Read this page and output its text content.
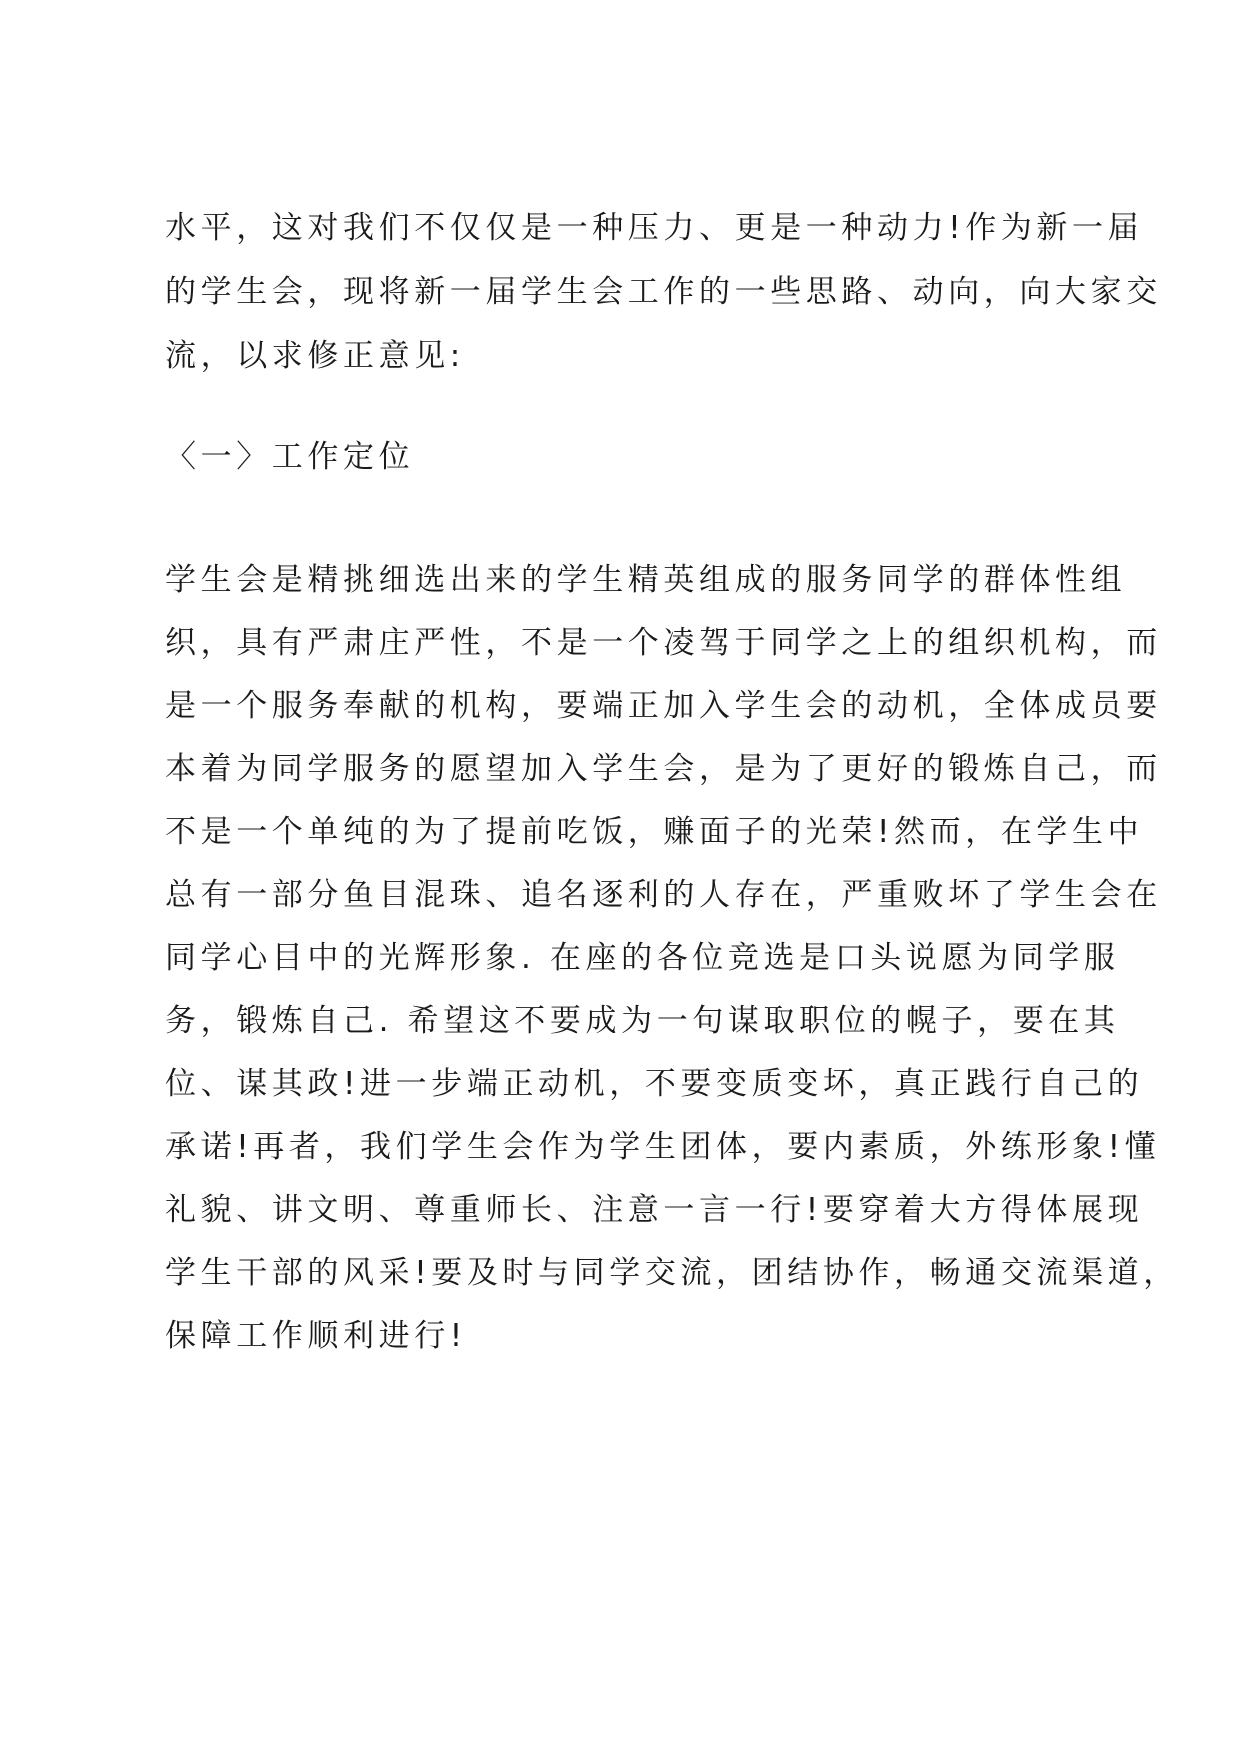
水平，这对我们不仅仅是一种压力、更是一种动力!作为新一届
的学生会，现将新一届学生会工作的一些思路、动向，向大家交
流，以求修正意见:
〈一〉工作定位
学生会是精挑细选出来的学生精英组成的服务同学的群体性组
织，具有严肃庄严性，不是一个凌驾于同学之上的组织机构，而
是一个服务奉献的机构，要端正加入学生会的动机，全体成员要
本着为同学服务的愿望加入学生会，是为了更好的锻炼自己，而
不是一个单纯的为了提前吃饭，赚面子的光荣!然而，在学生中
总有一部分鱼目混珠、追名逐利的人存在，严重败坏了学生会在
同学心目中的光辉形象. 在座的各位竞选是口头说愿为同学服
务，锻炼自己. 希望这不要成为一句谋取职位的幌子，要在其
位、谋其政!进一步端正动机，不要变质变坏，真正践行自己的
承诺!再者，我们学生会作为学生团体，要内素质，外练形象!懂
礼貌、讲文明、尊重师长、注意一言一行!要穿着大方得体展现
学生干部的风采!要及时与同学交流，团结协作，畅通交流渠道，
保障工作顺利进行!
